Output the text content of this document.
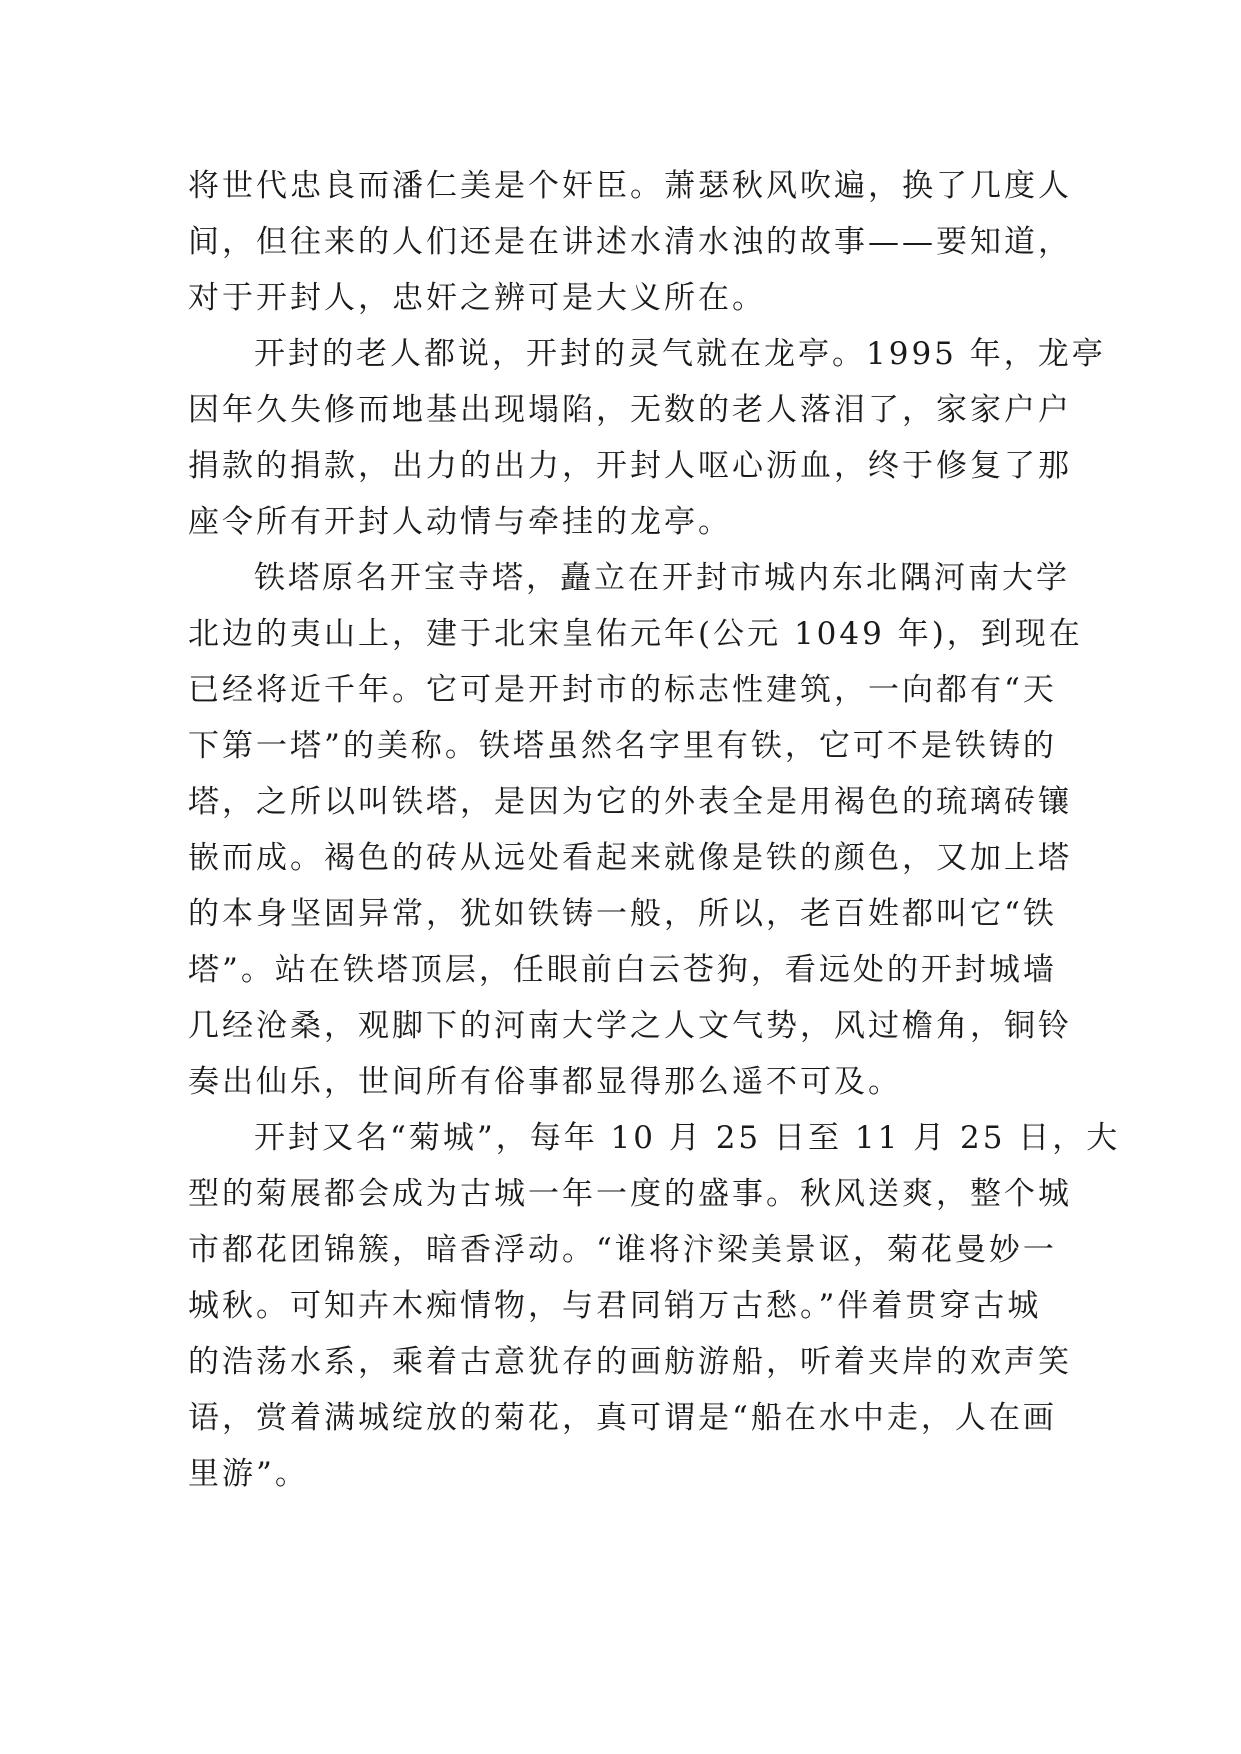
将世代忠良而潘仁美是个奸臣。萧瑟秋风吹遍，换了几度人
间，但往来的人们还是在讲述水清水浊的故事——要知道，
对于开封人，忠奸之辨可是大义所在。
开封的老人都说，开封的灵气就在龙亭。1995 年，龙亭
因年久失修而地基出现塌陷，无数的老人落泪了，家家户户
捐款的捐款，出力的出力，开封人呕心沥血，终于修复了那
座令所有开封人动情与牵挂的龙亭。
铁塔原名开宝寺塔，矗立在开封市城内东北隅河南大学
北边的夷山上，建于北宋皇佑元年(公元 1049 年)，到现在
已经将近千年。它可是开封市的标志性建筑，一向都有“天
下第一塔”的美称。铁塔虽然名字里有铁，它可不是铁铸的
塔，之所以叫铁塔，是因为它的外表全是用褐色的琉璃砖镶
嵌而成。褐色的砖从远处看起来就像是铁的颜色，又加上塔
的本身坚固异常，犹如铁铸一般，所以，老百姓都叫它“铁
塔”。站在铁塔顶层，任眼前白云苍狗，看远处的开封城墙
几经沧桑，观脚下的河南大学之人文气势，风过檐角，铜铃
奏出仙乐，世间所有俗事都显得那么遥不可及。
开封又名“菊城”，每年 10 月 25 日至 11 月 25 日，大
型的菊展都会成为古城一年一度的盛事。秋风送爽，整个城
市都花团锦簇，暗香浮动。“谁将汴梁美景讴，菊花曼妙一
城秋。可知卉木痴情物，与君同销万古愁。”伴着贯穿古城
的浩荡水系，乘着古意犹存的画舫游船，听着夹岸的欢声笑
语，赏着满城绽放的菊花，真可谓是“船在水中走，人在画
里游”。
